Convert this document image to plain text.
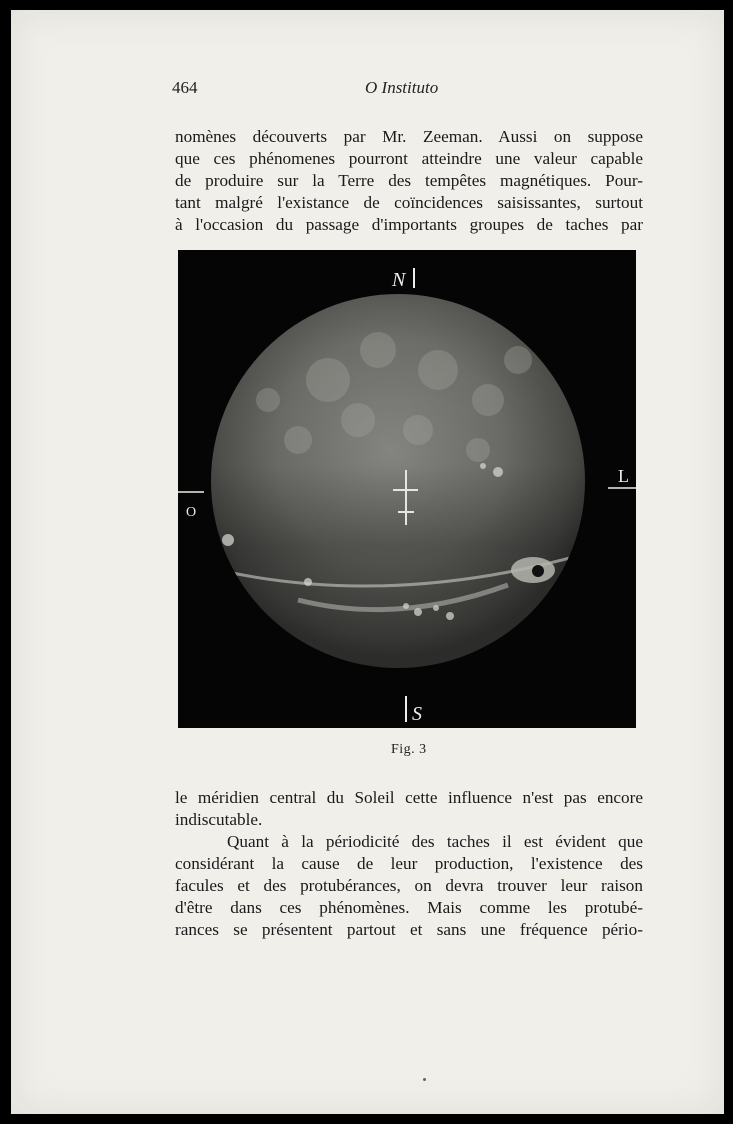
464	O Instituto

nomènes découverts par Mr. Zeeman. Aussi on suppose
que ces phénomenes pourront atteindre une valeur capable
de produire sur la Terre des tempêtes magnétiques. Pour-
tant malgré l'existance de coïncidences saisissantes, surtout
à l'occasion du passage d'importants groupes de taches par

N
S
O
L
Fig. 3

le méridien central du Soleil cette influence n'est pas encore
indiscutable.

Quant à la périodicité des taches il est évident que
considérant la cause de leur production, l'existence des
facules et des protubérances, on devra trouver leur raison
d'être dans ces phénomènes. Mais comme les protubé-
rances se présentent partout et sans une fréquence pério-
